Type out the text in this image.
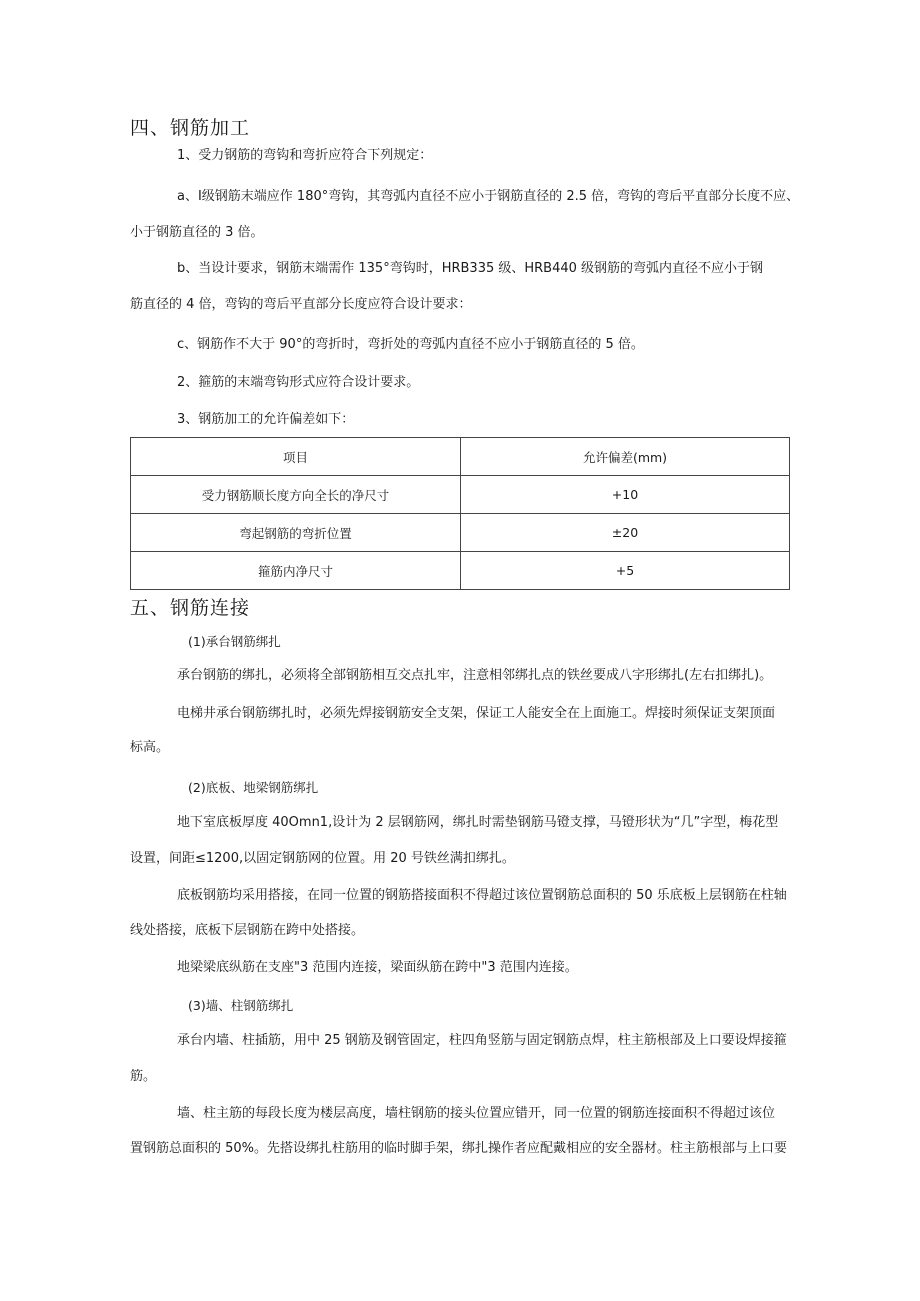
四、钢筋加工
1、受力钢筋的弯钩和弯折应符合下列规定：
a、I级钢筋末端应作 180°弯钩，其弯弧内直径不应小于钢筋直径的 2.5 倍，弯钩的弯后平直部分长度不应、
小于钢筋直径的 3 倍。
b、当设计要求，钢筋末端需作 135°弯钩时，HRB335 级、HRB440 级钢筋的弯弧内直径不应小于钢
筋直径的 4 倍，弯钩的弯后平直部分长度应符合设计要求：
c、钢筋作不大于 90°的弯折时，弯折处的弯弧内直径不应小于钢筋直径的 5 倍。
2、箍筋的末端弯钩形式应符合设计要求。
3、钢筋加工的允许偏差如下：
项目	允许偏差(mm)
受力钢筋顺长度方向全长的净尺寸	+10
弯起钢筋的弯折位置	±20
箍筋内净尺寸	+5
五、钢筋连接
(1)承台钢筋绑扎
承台钢筋的绑扎，必须将全部钢筋相互交点扎牢，注意相邻绑扎点的铁丝要成八字形绑扎(左右扣绑扎)。
电梯井承台钢筋绑扎时，必须先焊接钢筋安全支架，保证工人能安全在上面施工。焊接时须保证支架顶面
标高。
(2)底板、地梁钢筋绑扎
地下室底板厚度 40Omn1,设计为 2 层钢筋网，绑扎时需垫钢筋马镫支撑，马镫形状为“几”字型，梅花型
设置，间距≤1200,以固定钢筋网的位置。用 20 号铁丝满扣绑扎。
底板钢筋均采用搭接，在同一位置的钢筋搭接面积不得超过该位置钢筋总面积的 50 乐底板上层钢筋在柱轴
线处搭接，底板下层钢筋在跨中处搭接。
地梁梁底纵筋在支座"3 范围内连接，梁面纵筋在跨中"3 范围内连接。
(3)墙、柱钢筋绑扎
承台内墙、柱插筋，用中 25 钢筋及钢管固定，柱四角竖筋与固定钢筋点焊，柱主筋根部及上口要设焊接箍
筋。
墙、柱主筋的每段长度为楼层高度，墙柱钢筋的接头位置应错开，同一位置的钢筋连接面积不得超过该位
置钢筋总面积的 50%。先搭设绑扎柱筋用的临时脚手架，绑扎操作者应配戴相应的安全器材。柱主筋根部与上口要
